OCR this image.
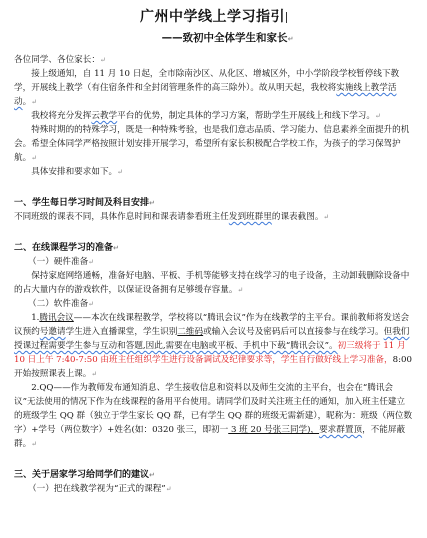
广州中学线上学习指引
——致初中全体学生和家长↵

各位同学、各位家长：↵

接上级通知，自 11 月 10 日起，全市除南沙区、从化区、增城区外，中小学阶段学校暂停线下教学，开展线上教学（有住宿条件和全封闭管理条件的高三除外）。故从明天起，我校将实施线上教学活动。↵

我校将充分发挥云教学平台的优势，制定具体的学习方案，帮助学生开展线上和线下学习。↵

特殊时期的的特殊学习，既是一种特殊考验，也是我们意志品质、学习能力、信息素养全面提升的机会。希望全体同学严格按照计划安排开展学习，希望所有家长积极配合学校工作，为孩子的学习保驾护航。↵

具体安排和要求如下。↵

一、学生每日学习时间及科目安排↵

不同班级的课表不同，具体作息时间和课表请参看班主任发到班群里的课表截图。↵

二、在线课程学习的准备↵

（一）硬件准备↵

保持家庭网络通畅，准备好电脑、平板、手机等能够支持在线学习的电子设备，主动卸载删除设备中的占大量内存的游戏软件，以保证设备拥有足够缓存容量。↵

（二）软件准备↵

1.腾讯会议——本次在线课程教学，学校将以“腾讯会议”作为在线教学的主平台。课前教师将发送会议预约号邀请学生进入直播课堂，学生识别二维码或输入会议号及密码后可以直接参与在线学习。但我们授课过程需要学生参与互动和答题,因此,需要在电脑或平板、手机中下载“腾讯会议”。初三级将于 11 月 10 日上午 7:40-7:50 由班主任组织学生进行设备调试及纪律要求等，学生自行做好线上学习准备，8:00 开始按照课表上课。↵

2.QQ——作为教师发布通知消息、学生接收信息和资料以及师生交流的主平台，也会在“腾讯会议”无法使用的情况下作为在线课程的备用平台使用。请同学们及时关注班主任的通知，加入班主任建立的班级学生 QQ 群（独立于学生家长 QQ 群，已有学生 QQ 群的班级无需新建），昵称为：班级（两位数字）+学号（两位数字）+姓名(如：0320 张三，即初一 3 班 20 号张三同学)，要求群置顶，不能屏蔽群。↵

三、关于居家学习给同学们的建议↵

（一）把在线教学视为“正式的课程”↵
